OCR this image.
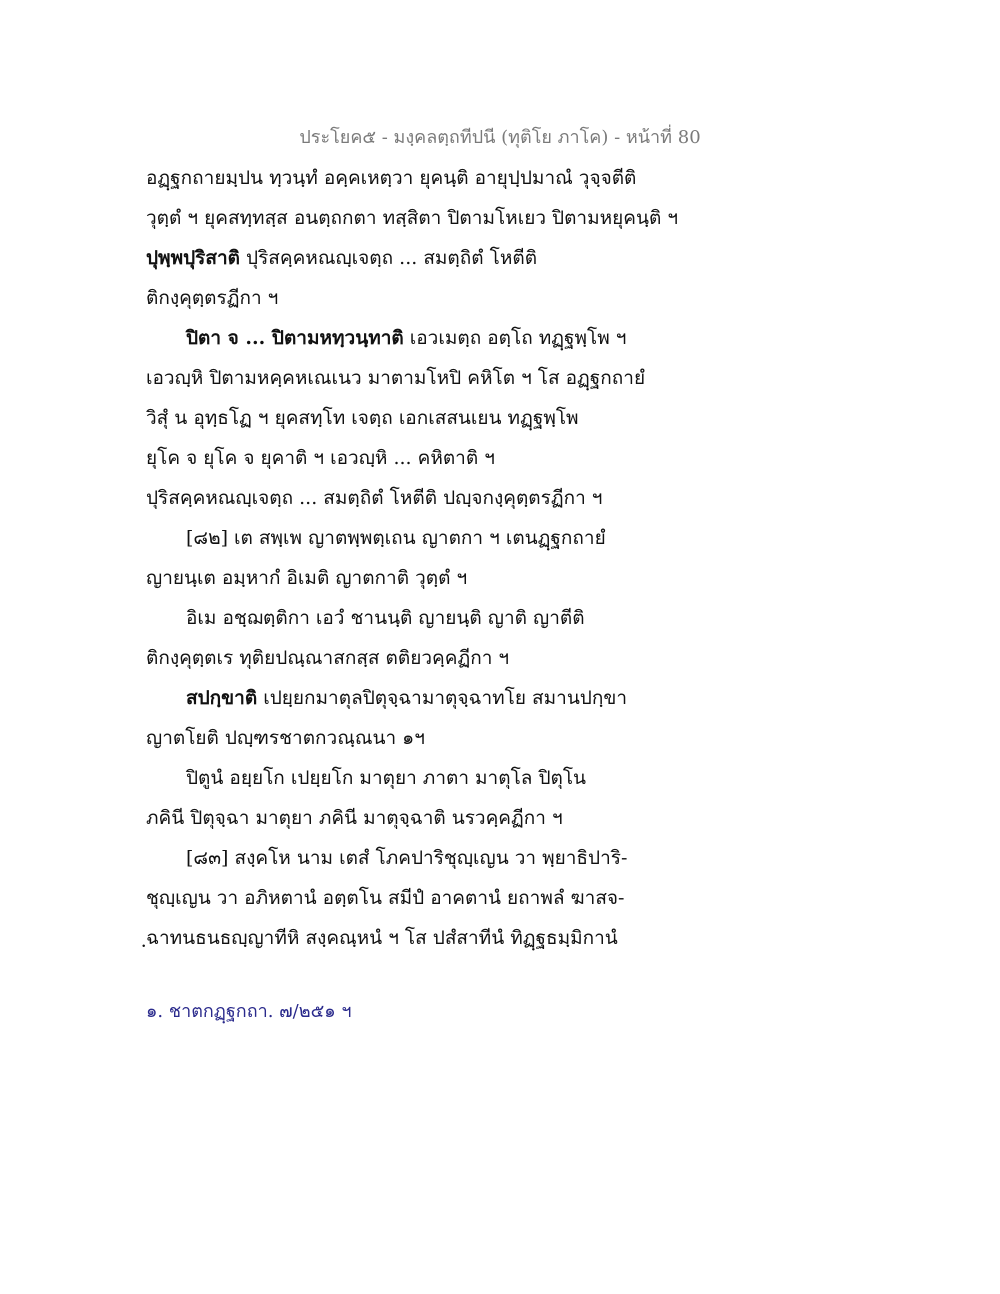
ประโยค๕ - มงฺคลตฺถทีปนี (ทุติโย ภาโค) - หน้าที่ 80
อฏฺฐกถายมฺปน ทฺวนฺทํ อคฺคเหตฺวา ยุคนฺติ อายุปฺปมาณํ วุจฺจตีติ
วุตฺตํ ฯ ยุคสทฺทสฺส อนตฺถกตา ทสฺสิตา ปิตามโหเยว ปิตามหยุคนฺติ ฯ
ปุพฺพปุริสาติ ปุริสคฺคหณญฺเจตฺถ ... สมตฺถิตํ โหตีติ
ติกงฺคุตฺตรฏีกา ฯ
ปิตา จ ... ปิตามหทฺวนฺทาติ เอวเมตฺถ อตฺโถ ทฏฺฐพฺโพ ฯ
เอวญฺหิ ปิตามหคฺคหเณเนว มาตามโหปิ คหิโต ฯ โส อฏฺฐกถายํ
วิสุํ น อุทฺธโฏ ฯ ยุคสทฺโท เจตฺถ เอกเสสนเยน ทฏฺฐพฺโพ
ยุโค จ ยุโค จ ยุคาติ ฯ เอวญฺหิ ... คหิตาติ ฯ
ปุริสคฺคหณญฺเจตฺถ ... สมตฺถิตํ โหตีติ ปญฺจกงฺคุตฺตรฏีกา ฯ
[๘๒] เต สพฺเพ ญาตพฺพตฺเถน ญาตกา ฯ เตนฏฺฐกถายํ
ญายนฺเต อมฺหากํ อิเมติ ญาตกาติ วุตฺตํ ฯ
อิเม อชฺฌตฺติกา เอวํ ชานนฺติ ญายนฺติ ญาติ ญาตีติ
ติกงฺคุตฺตเร ทุติยปณฺณาสกสฺส ตติยวคฺคฏีกา ฯ
สปกฺขาติ เปยฺยกมาตุลปิตุจฺฉามาตุจฺฉาทโย สมานปกฺขา
ญาตโยติ ปญฺฑรชาตกวณฺณนา ๑ฯ
ปิตูนํ อยฺยโก เปยฺยโก มาตุยา ภาตา มาตุโล ปิตุโน
ภคินี ปิตุจฺฉา มาตุยา ภคินี มาตุจฺฉาติ นรวคฺคฏีกา ฯ
[๘๓] สงฺคโห นาม เตสํ โภคปาริชุญฺเญน วา พฺยาธิปาริ-
ชุญฺเญน วา อภิหตานํ อตฺตโน สมีปํ อาคตานํ ยถาพลํ ฆาสจ-
ฺฉาทนธนธญฺญาทีหิ สงฺคณฺหนํ ฯ โส ปสํสาทีนํ ทิฏฺฐธมฺมิกานํ
๑. ชาตกฏฺฐกถา. ๗/๒๕๑ ฯ
